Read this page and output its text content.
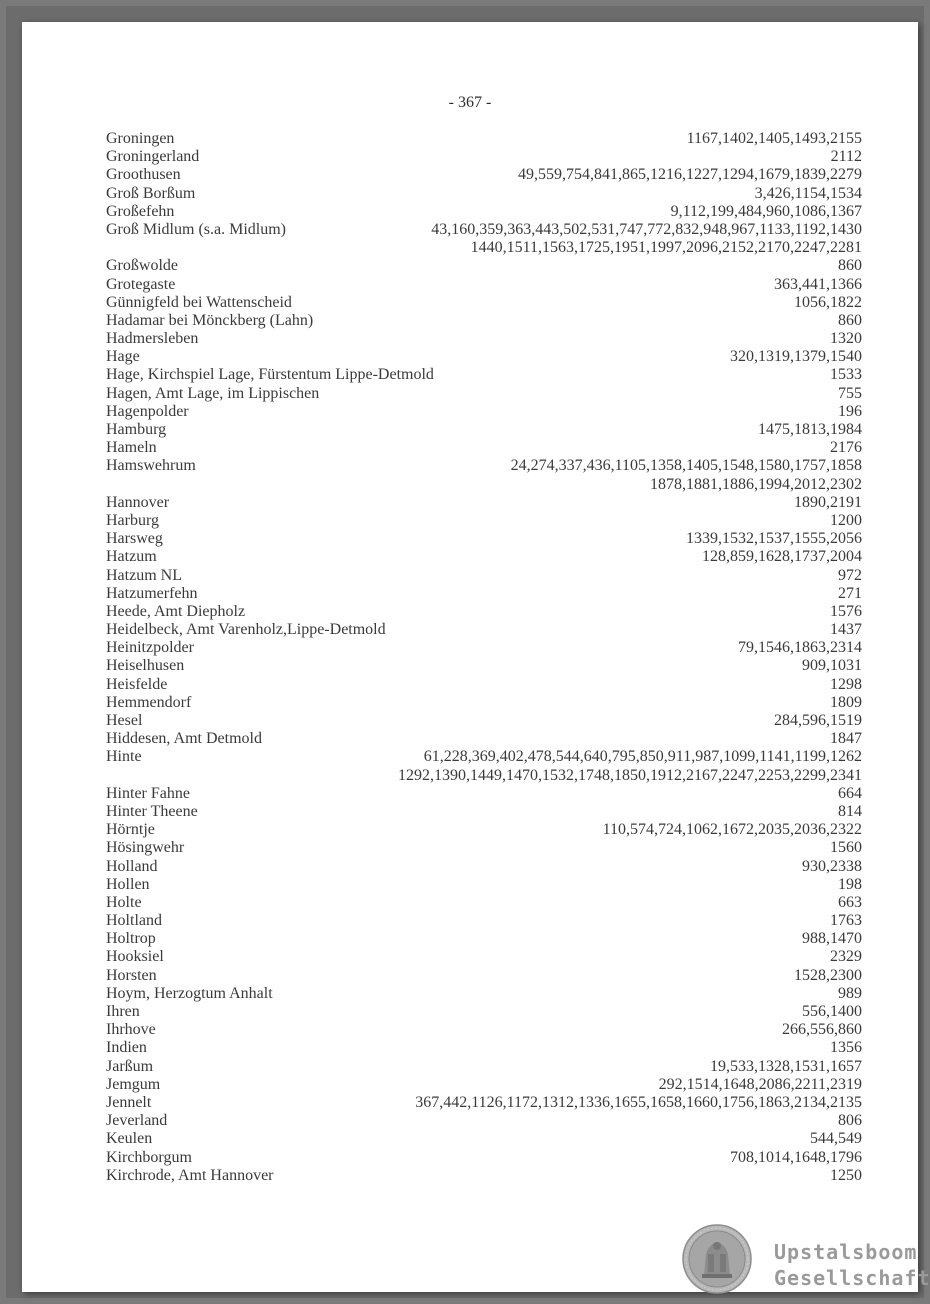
- 367 -
Groningen	1167,1402,1405,1493,2155
Groningerland	2112
Groothusen	49,559,754,841,865,1216,1227,1294,1679,1839,2279
Groß Borßum	3,426,1154,1534
Großefehn	9,112,199,484,960,1086,1367
Groß Midlum (s.a. Midlum)	43,160,359,363,443,502,531,747,772,832,948,967,1133,1192,1430
1440,1511,1563,1725,1951,1997,2096,2152,2170,2247,2281
Großwolde	860
Grotegaste	363,441,1366
Günnigfeld bei Wattenscheid	1056,1822
Hadamar bei Mönckberg (Lahn)	860
Hadmersleben	1320
Hage	320,1319,1379,1540
Hage, Kirchspiel Lage, Fürstentum Lippe-Detmold	1533
Hagen, Amt Lage, im Lippischen	755
Hagenpolder	196
Hamburg	1475,1813,1984
Hameln	2176
Hamswehrum	24,274,337,436,1105,1358,1405,1548,1580,1757,1858
1878,1881,1886,1994,2012,2302
Hannover	1890,2191
Harburg	1200
Harsweg	1339,1532,1537,1555,2056
Hatzum	128,859,1628,1737,2004
Hatzum NL	972
Hatzumerfehn	271
Heede, Amt Diepholz	1576
Heidelbeck, Amt Varenholz,Lippe-Detmold	1437
Heinitzpolder	79,1546,1863,2314
Heiselhusen	909,1031
Heisfelde	1298
Hemmendorf	1809
Hesel	284,596,1519
Hiddesen, Amt Detmold	1847
Hinte	61,228,369,402,478,544,640,795,850,911,987,1099,1141,1199,1262
1292,1390,1449,1470,1532,1748,1850,1912,2167,2247,2253,2299,2341
Hinter Fahne	664
Hinter Theene	814
Hörntje	110,574,724,1062,1672,2035,2036,2322
Hösingwehr	1560
Holland	930,2338
Hollen	198
Holte	663
Holtland	1763
Holtrop	988,1470
Hooksiel	2329
Horsten	1528,2300
Hoym, Herzogtum Anhalt	989
Ihren	556,1400
Ihrhove	266,556,860
Indien	1356
Jarßum	19,533,1328,1531,1657
Jemgum	292,1514,1648,2086,2211,2319
Jennelt	367,442,1126,1172,1312,1336,1655,1658,1660,1756,1863,2134,2135
Jeverland	806
Keulen	544,549
Kirchborgum	708,1014,1648,1796
Kirchrode, Amt Hannover	1250
Upstalsboom
Gesellschaft
